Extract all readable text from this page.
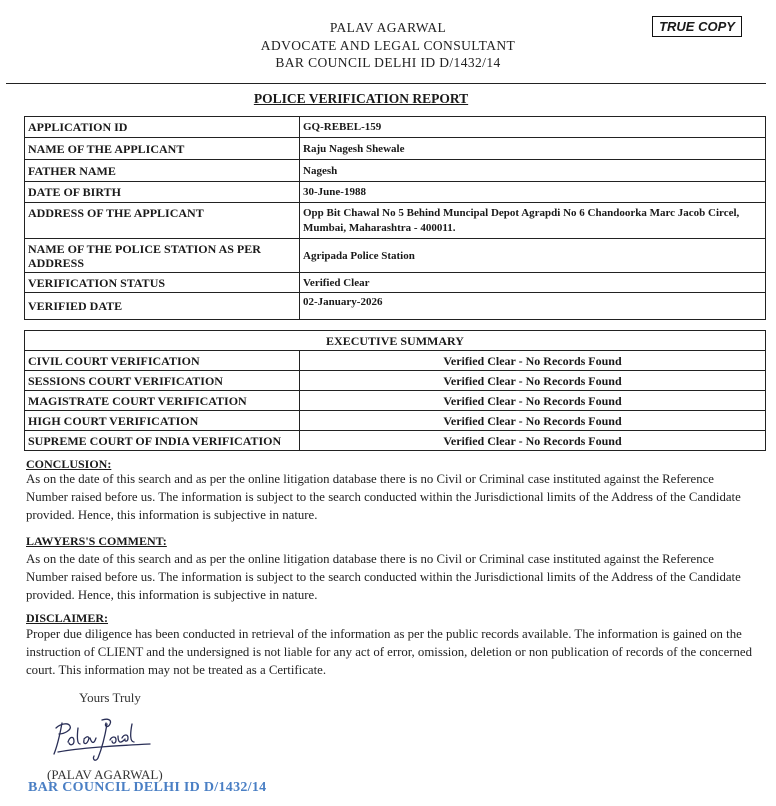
PALAV AGARWAL
ADVOCATE AND LEGAL CONSULTANT
BAR COUNCIL DELHI ID D/1432/14
TRUE COPY
POLICE VERIFICATION REPORT
APPLICATION ID	GQ-REBEL-159
NAME OF THE APPLICANT	Raju Nagesh Shewale
FATHER NAME	Nagesh
DATE OF BIRTH	30-June-1988
ADDRESS OF THE APPLICANT	Opp Bit Chawal No 5 Behind Muncipal Depot Agrapdi No 6 Chandoorka Marc Jacob Circel, Mumbai, Maharashtra - 400011.
NAME OF THE POLICE STATION AS PER ADDRESS	Agripada Police Station
VERIFICATION STATUS	Verified Clear
VERIFIED DATE	02-January-2026
EXECUTIVE SUMMARY	
CIVIL COURT VERIFICATION	Verified Clear - No Records Found
SESSIONS COURT VERIFICATION	Verified Clear - No Records Found
MAGISTRATE COURT VERIFICATION	Verified Clear - No Records Found
HIGH COURT VERIFICATION	Verified Clear - No Records Found
SUPREME COURT OF INDIA VERIFICATION	Verified Clear - No Records Found
CONCLUSION:
As on the date of this search and as per the online litigation database there is no Civil or Criminal case instituted against the Reference Number raised before us. The information is subject to the search conducted within the Jurisdictional limits of the Address of the Candidate provided. Hence, this information is subjective in nature.
LAWYERS'S COMMENT:
As on the date of this search and as per the online litigation database there is no Civil or Criminal case instituted against the Reference Number raised before us. The information is subject to the search conducted within the Jurisdictional limits of the Address of the Candidate provided. Hence, this information is subjective in nature.
DISCLAIMER:
Proper due diligence has been conducted in retrieval of the information as per the public records available. The information is gained on the instruction of CLIENT and the undersigned is not liable for any act of error, omission, deletion or non publication of records of the concerned court. This information may not be treated as a Certificate.
Yours Truly
(PALAV AGARWAL)
BAR COUNCIL DELHI ID D/1432/14
